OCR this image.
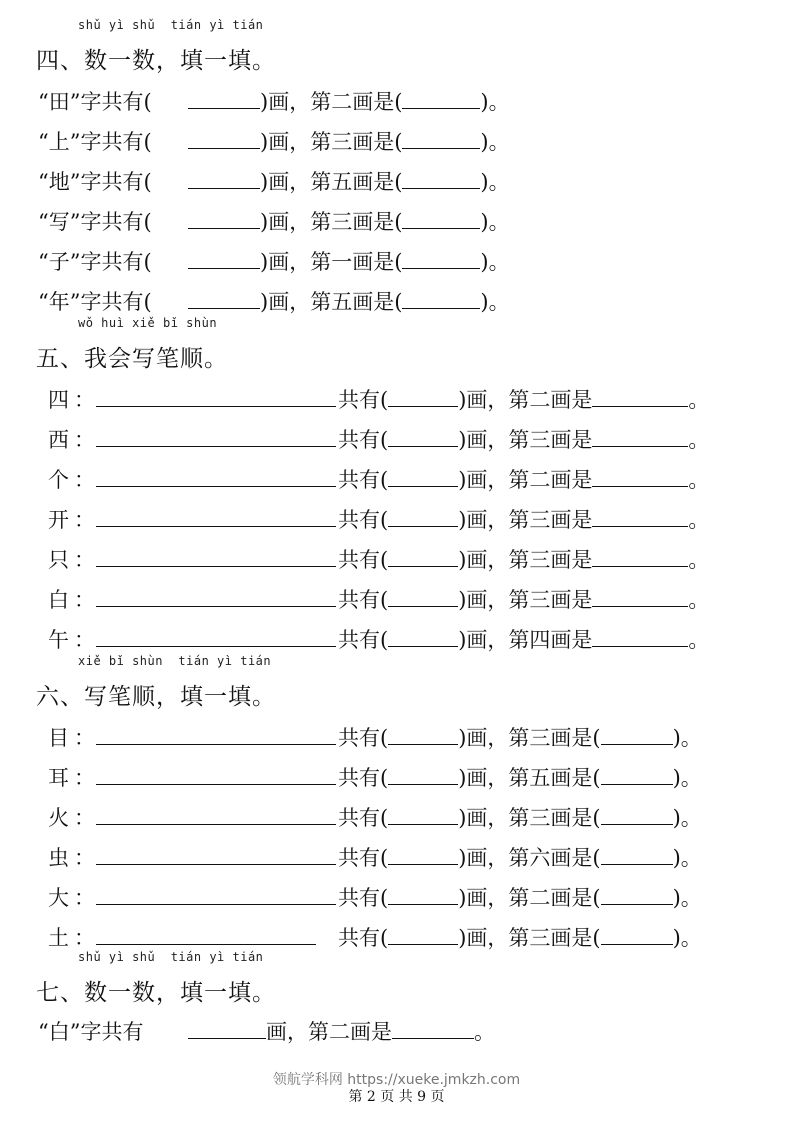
shǔ yì shǔ  tián yì tián
四、数一数，填一填。
“田”字共有(	)画，第二画是(	)。
“上”字共有(	)画，第三画是(	)。
“地”字共有(	)画，第五画是(	)。
“写”字共有(	)画，第三画是(	)。
“子”字共有(	)画，第一画是(	)。
“年”字共有(	)画，第五画是(	)。
wǒ huì xiě bǐ shùn
五、我会写笔顺。
四 ：	共有(	)画，第二画是	。
西 ：	共有(	)画，第三画是	。
个 ：	共有(	)画，第二画是	。
开 ：	共有(	)画，第三画是	。
只 ：	共有(	)画，第三画是	。
白 ：	共有(	)画，第三画是	。
午 ：	共有(	)画，第四画是	。
xiě bǐ shùn  tián yì tián
六、写笔顺，填一填。
目 ：	共有(	)画，第三画是(	)。
耳 ：	共有(	)画，第五画是(	)。
火 ：	共有(	)画，第三画是(	)。
虫 ：	共有(	)画，第六画是(	)。
大 ：	共有(	)画，第二画是(	)。
土 ：	共有(	)画，第三画是(	)。
shǔ yì shǔ  tián yì tián
七、数一数，填一填。
“白”字共有	画，第二画是	。
领航学科网 https://xueke.jmkzh.com
第 2 页 共 9 页
